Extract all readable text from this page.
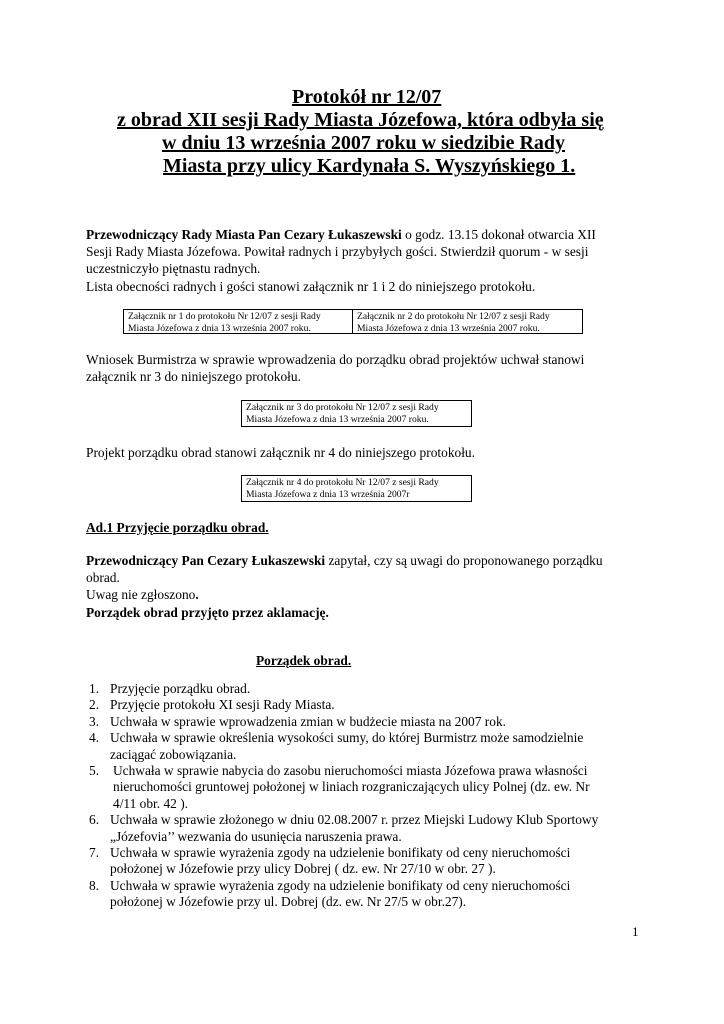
Protokół nr 12/07
z obrad XII sesji Rady Miasta Józefowa, która odbyła się
w dniu 13 września 2007 roku w siedzibie Rady
Miasta przy ulicy Kardynała S. Wyszyńskiego 1.
Przewodniczący Rady Miasta Pan Cezary Łukaszewski o godz. 13.15 dokonał otwarcia XII
Sesji Rady Miasta Józefowa. Powitał radnych i przybyłych gości. Stwierdził quorum - w sesji
uczestniczyło piętnastu radnych.
Lista obecności radnych i gości stanowi załącznik nr 1 i 2 do niniejszego protokołu.
Załącznik nr 1 do protokołu Nr 12/07 z sesji Rady
Miasta Józefowa z dnia 13 września 2007 roku.
Załącznik nr 2 do protokołu Nr 12/07 z sesji Rady
Miasta Józefowa z dnia 13 września 2007 roku.
Wniosek Burmistrza w sprawie wprowadzenia do porządku obrad projektów uchwał stanowi
załącznik nr 3 do niniejszego protokołu.
Załącznik nr 3 do protokołu Nr 12/07 z sesji Rady
Miasta Józefowa z dnia 13 września 2007 roku.
Projekt porządku obrad stanowi załącznik nr 4 do niniejszego protokołu.
Załącznik nr 4 do protokołu Nr 12/07 z sesji Rady
Miasta Józefowa z dnia 13 września 2007r
Ad.1 Przyjęcie porządku obrad.
Przewodniczący Pan Cezary Łukaszewski zapytał, czy są uwagi do proponowanego porządku
obrad.
Uwag nie zgłoszono.
Porządek obrad przyjęto przez aklamację.
Porządek obrad.
1. Przyjęcie porządku obrad.
2. Przyjęcie protokołu XI sesji Rady Miasta.
3. Uchwała w sprawie wprowadzenia zmian w budżecie miasta na 2007 rok.
4. Uchwała w sprawie określenia wysokości sumy, do której Burmistrz może samodzielnie
zaciągać zobowiązania.
5. Uchwała w sprawie nabycia do zasobu nieruchomości miasta Józefowa prawa własności
nieruchomości gruntowej położonej w liniach rozgraniczających ulicy Polnej (dz. ew. Nr
4/11 obr. 42 ).
6. Uchwała w sprawie złożonego w dniu 02.08.2007 r. przez Miejski Ludowy Klub Sportowy
„Józefovia’’ wezwania do usunięcia naruszenia prawa.
7. Uchwała w sprawie wyrażenia zgody na udzielenie bonifikaty od ceny nieruchomości
położonej w Józefowie przy ulicy Dobrej ( dz. ew. Nr 27/10 w obr. 27 ).
8. Uchwała w sprawie wyrażenia zgody na udzielenie bonifikaty od ceny nieruchomości
położonej w Józefowie przy ul. Dobrej (dz. ew. Nr 27/5 w obr.27).
1
